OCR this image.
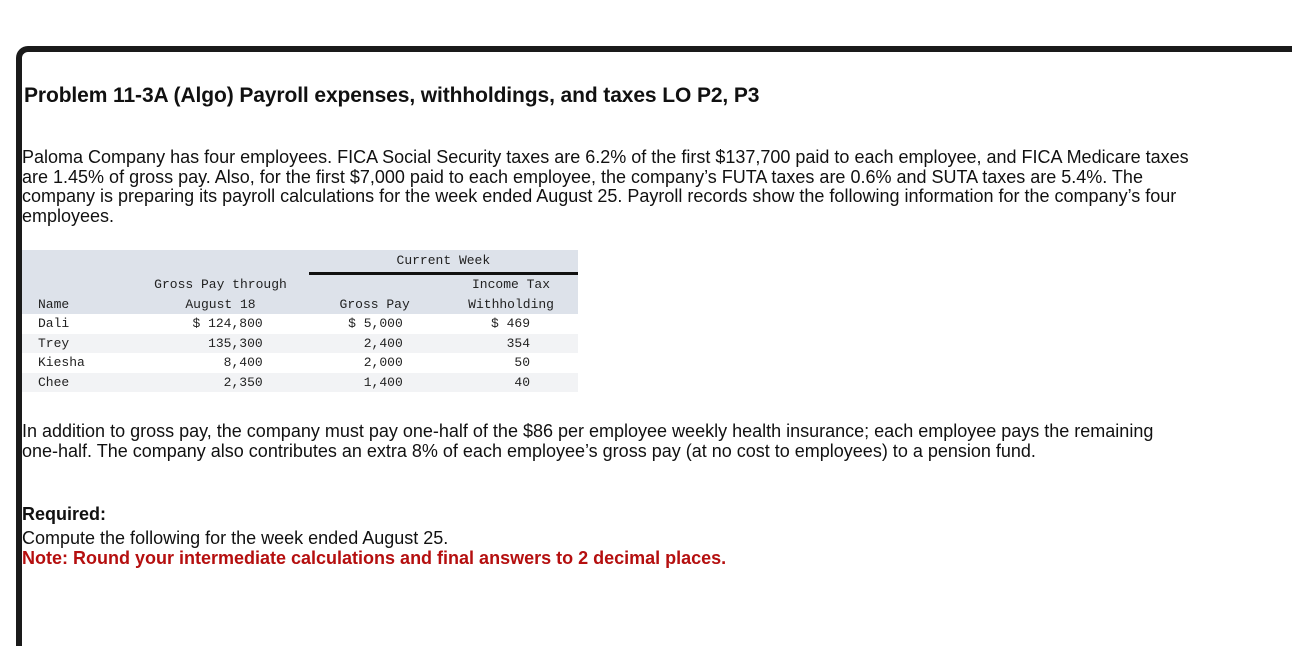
Problem 11-3A (Algo) Payroll expenses, withholdings, and taxes LO P2, P3

Paloma Company has four employees. FICA Social Security taxes are 6.2% of the first $137,700 paid to each employee, and FICA Medicare taxes are 1.45% of gross pay. Also, for the first $7,000 paid to each employee, the company’s FUTA taxes are 0.6% and SUTA taxes are 5.4%. The company is preparing its payroll calculations for the week ended August 25. Payroll records show the following information for the company’s four employees.

		Current Week	
	Gross Pay through		Income Tax
Name	August 18	Gross Pay	Withholding
Dali	$ 124,800	$ 5,000	$ 469
Trey	135,300	2,400	354
Kiesha	8,400	2,000	50
Chee	2,350	1,400	40

In addition to gross pay, the company must pay one-half of the $86 per employee weekly health insurance; each employee pays the remaining one-half. The company also contributes an extra 8% of each employee’s gross pay (at no cost to employees) to a pension fund.

Required:

Compute the following for the week ended August 25.

Note: Round your intermediate calculations and final answers to 2 decimal places.
